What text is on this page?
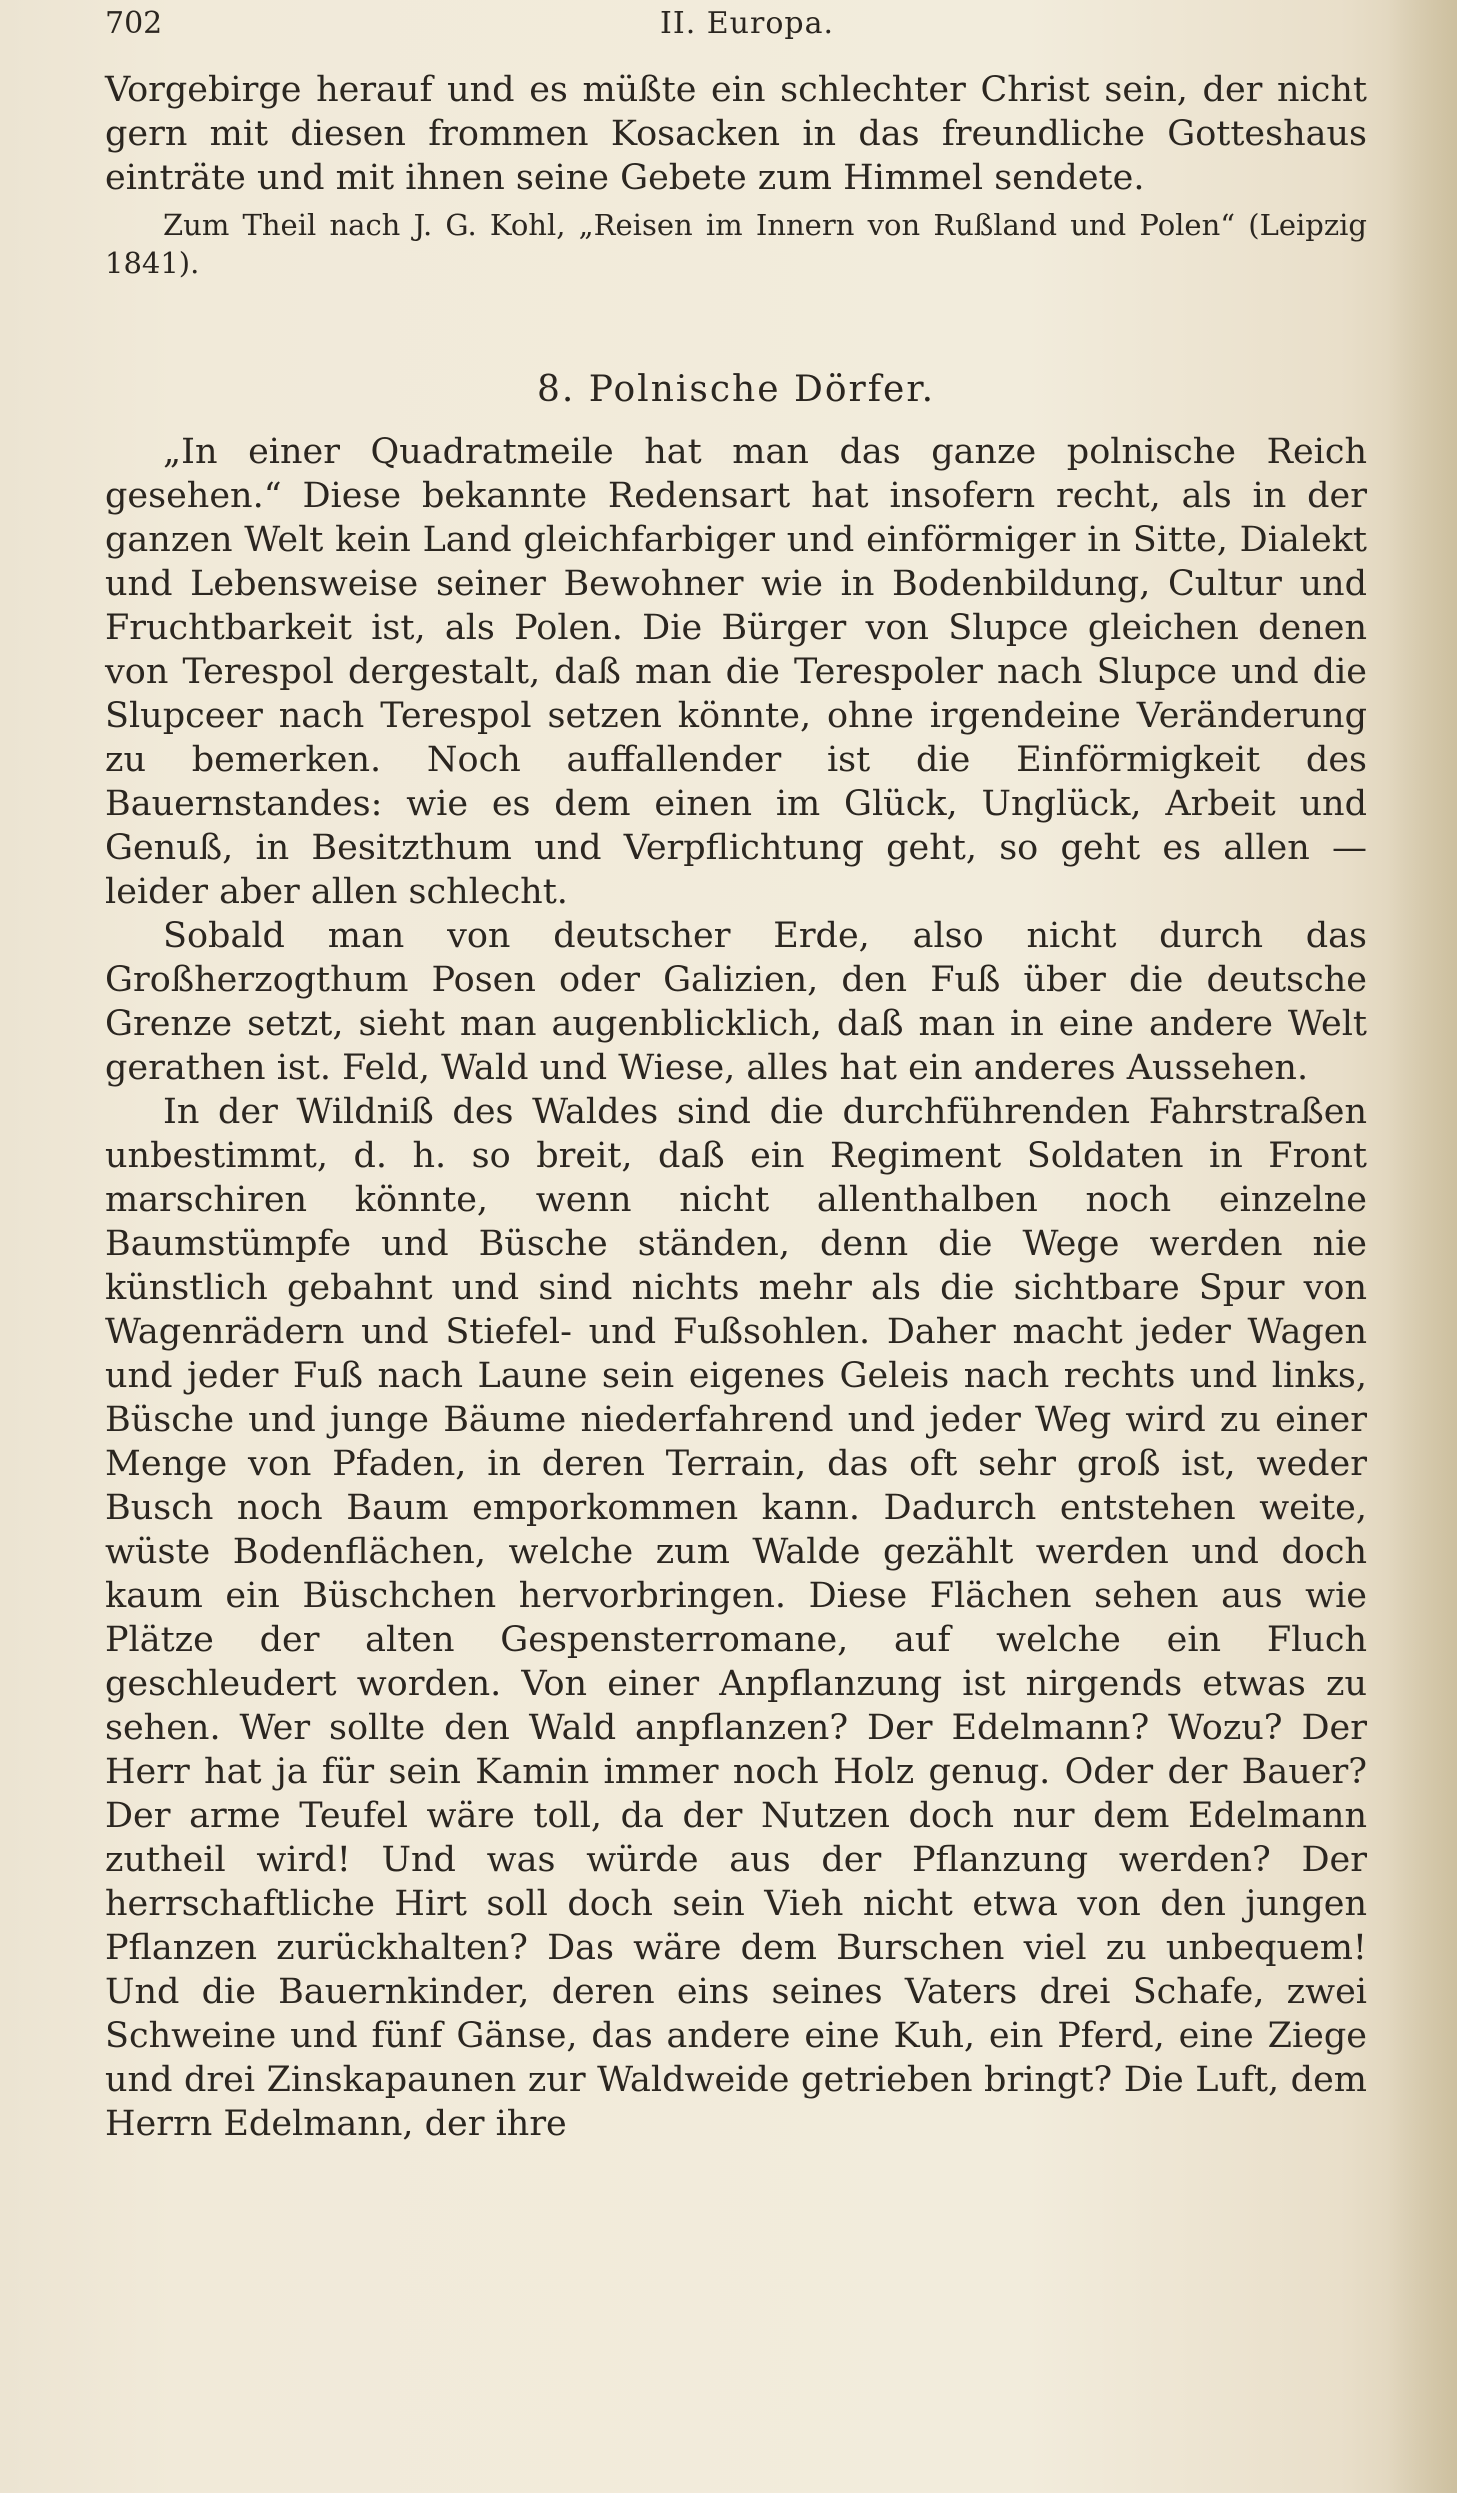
702	II. Europa.

Vorgebirge herauf und es müßte ein schlechter Christ sein, der nicht gern mit diesen frommen Kosacken in das freundliche Gotteshaus einträte und mit ihnen seine Gebete zum Himmel sendete.

Zum Theil nach J. G. Kohl, „Reisen im Innern von Rußland und Polen“ (Leipzig 1841).

8. Polnische Dörfer.

„In einer Quadratmeile hat man das ganze polnische Reich gesehen.“ Diese bekannte Redensart hat insofern recht, als in der ganzen Welt kein Land gleichfarbiger und einförmiger in Sitte, Dialekt und Lebensweise seiner Bewohner wie in Bodenbildung, Cultur und Fruchtbarkeit ist, als Polen. Die Bürger von Slupce gleichen denen von Terespol dergestalt, daß man die Terespoler nach Slupce und die Slupceer nach Terespol setzen könnte, ohne irgendeine Veränderung zu bemerken. Noch auffallender ist die Einförmigkeit des Bauernstandes: wie es dem einen im Glück, Unglück, Arbeit und Genuß, in Besitzthum und Verpflichtung geht, so geht es allen — leider aber allen schlecht.

Sobald man von deutscher Erde, also nicht durch das Großherzogthum Posen oder Galizien, den Fuß über die deutsche Grenze setzt, sieht man augenblicklich, daß man in eine andere Welt gerathen ist. Feld, Wald und Wiese, alles hat ein anderes Aussehen.

In der Wildniß des Waldes sind die durchführenden Fahrstraßen unbestimmt, d. h. so breit, daß ein Regiment Soldaten in Front marschiren könnte, wenn nicht allenthalben noch einzelne Baumstümpfe und Büsche ständen, denn die Wege werden nie künstlich gebahnt und sind nichts mehr als die sichtbare Spur von Wagenrädern und Stiefel- und Fußsohlen. Daher macht jeder Wagen und jeder Fuß nach Laune sein eigenes Geleis nach rechts und links, Büsche und junge Bäume niederfahrend und jeder Weg wird zu einer Menge von Pfaden, in deren Terrain, das oft sehr groß ist, weder Busch noch Baum emporkommen kann. Dadurch entstehen weite, wüste Bodenflächen, welche zum Walde gezählt werden und doch kaum ein Büschchen hervorbringen. Diese Flächen sehen aus wie Plätze der alten Gespensterromane, auf welche ein Fluch geschleudert worden. Von einer Anpflanzung ist nirgends etwas zu sehen. Wer sollte den Wald anpflanzen? Der Edelmann? Wozu? Der Herr hat ja für sein Kamin immer noch Holz genug. Oder der Bauer? Der arme Teufel wäre toll, da der Nutzen doch nur dem Edelmann zutheil wird! Und was würde aus der Pflanzung werden? Der herrschaftliche Hirt soll doch sein Vieh nicht etwa von den jungen Pflanzen zurückhalten? Das wäre dem Burschen viel zu unbequem! Und die Bauernkinder, deren eins seines Vaters drei Schafe, zwei Schweine und fünf Gänse, das andere eine Kuh, ein Pferd, eine Ziege und drei Zinskapaunen zur Waldweide getrieben bringt? Die Luft, dem Herrn Edelmann, der ihre
